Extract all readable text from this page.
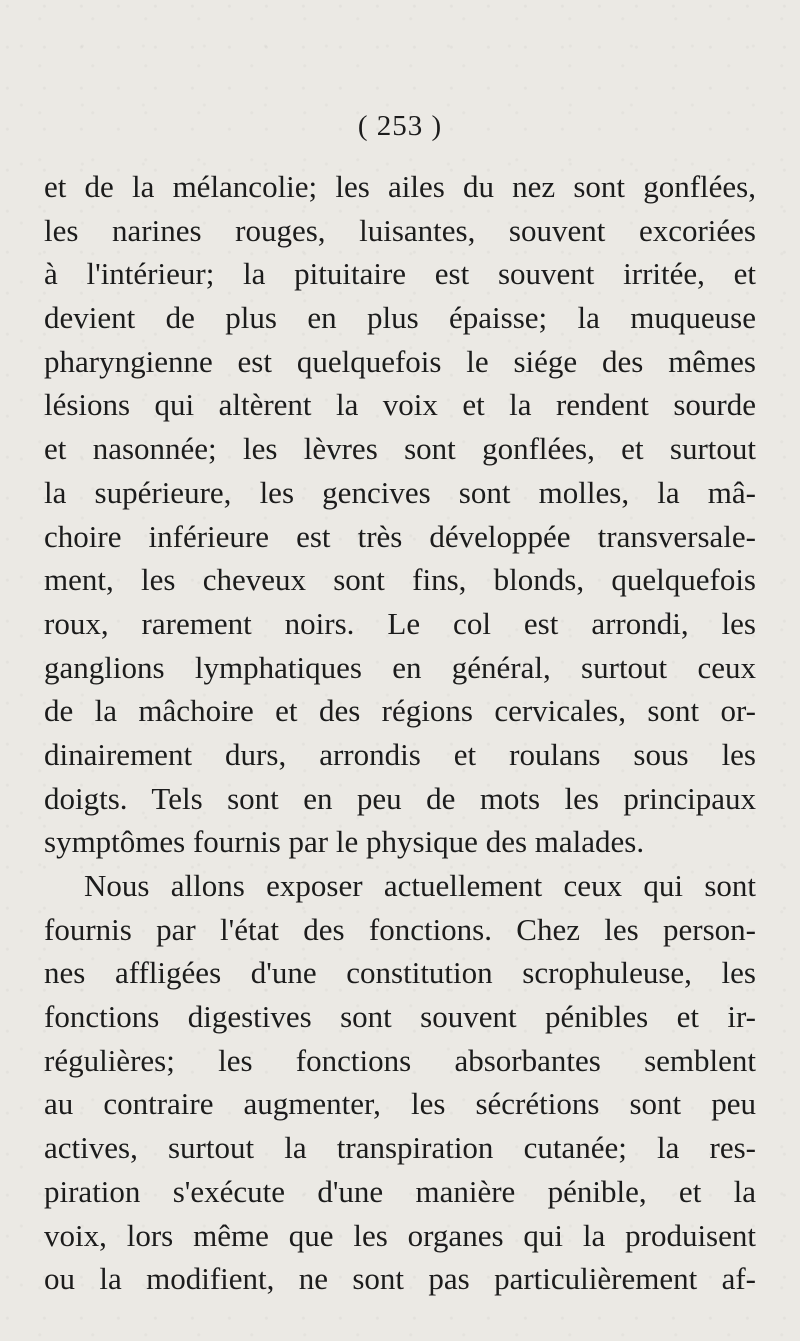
( 253 )
et de la mélancolie; les ailes du nez sont gonflées,
les narines rouges, luisantes, souvent excoriées
à l'intérieur; la pituitaire est souvent irritée, et
devient de plus en plus épaisse; la muqueuse
pharyngienne est quelquefois le siége des mêmes
lésions qui altèrent la voix et la rendent sourde
et nasonnée; les lèvres sont gonflées, et surtout
la supérieure, les gencives sont molles, la mâ-
choire inférieure est très développée transversale-
ment, les cheveux sont fins, blonds, quelquefois
roux, rarement noirs. Le col est arrondi, les
ganglions lymphatiques en général, surtout ceux
de la mâchoire et des régions cervicales, sont or-
dinairement durs, arrondis et roulans sous les
doigts. Tels sont en peu de mots les principaux
symptômes fournis par le physique des malades.
Nous allons exposer actuellement ceux qui sont
fournis par l'état des fonctions. Chez les person-
nes affligées d'une constitution scrophuleuse, les
fonctions digestives sont souvent pénibles et ir-
régulières; les fonctions absorbantes semblent
au contraire augmenter, les sécrétions sont peu
actives, surtout la transpiration cutanée; la res-
piration s'exécute d'une manière pénible, et la
voix, lors même que les organes qui la produisent
ou la modifient, ne sont pas particulièrement af-
